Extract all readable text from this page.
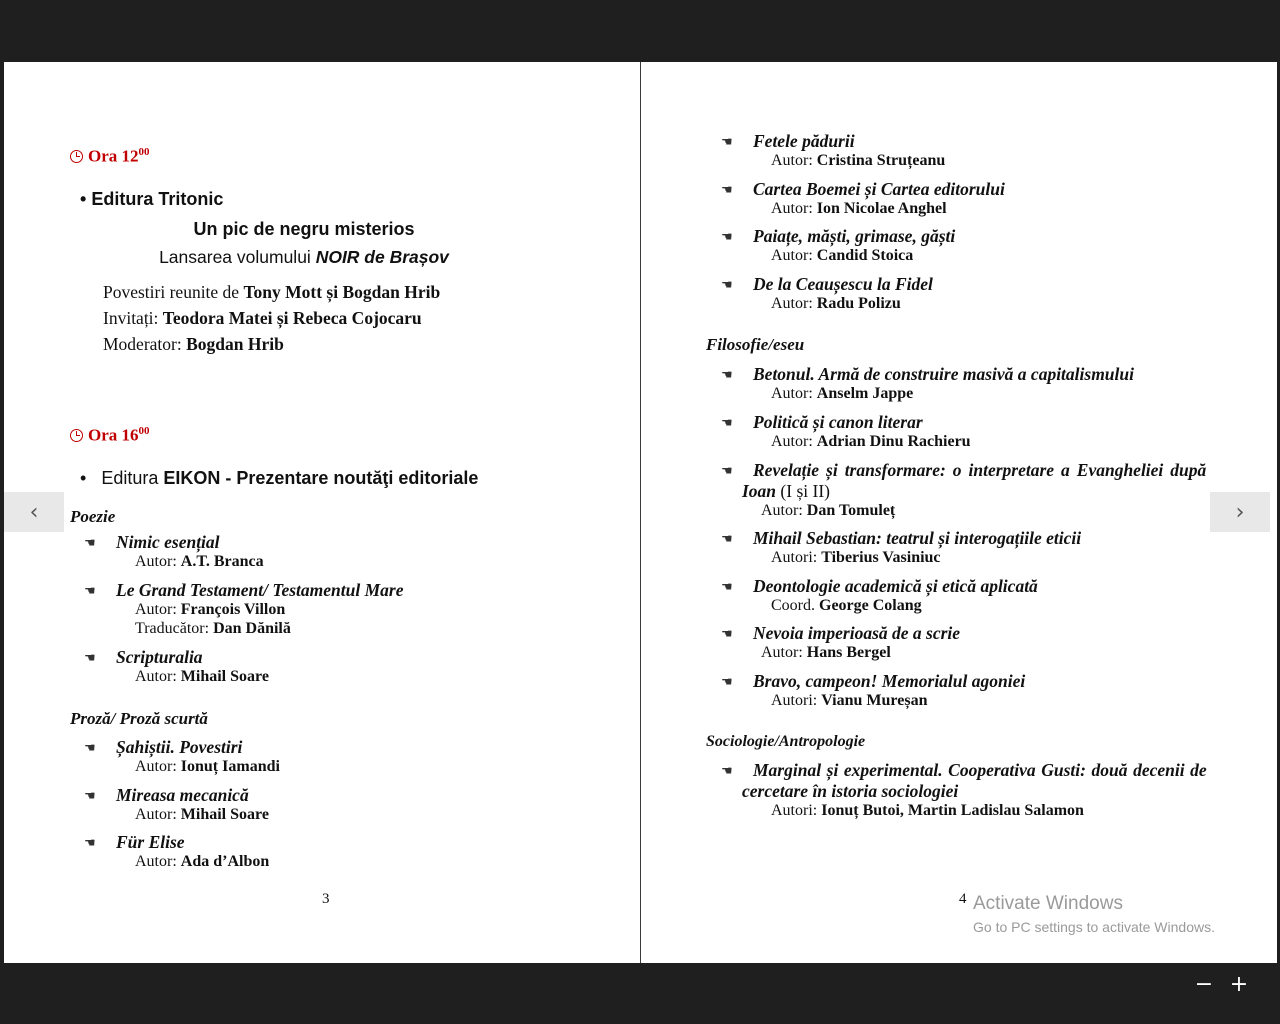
Ora $12^{00}$
• Editura Tritonic
Un pic de negru misterios
Lansarea volumului NOIR de Brașov
Povestiri reunite de Tony Mott și Bogdan Hrib
Invitați: Teodora Matei și Rebeca Cojocaru
Moderator: Bogdan Hrib
Ora $16^{00}$
• Editura EIKON - Prezentare noutăţi editoriale
Poezie
☚ Nimic esențial
Autor: A.T. Branca
☚ Le Grand Testament/ Testamentul Mare
Autor: François Villon
Traducător: Dan Dănilă
☚ Scripturalia
Autor: Mihail Soare
Proză/ Proză scurtă
☚ Șahiștii. Povestiri
Autor: Ionuț Iamandi
☚ Mireasa mecanică
Autor: Mihail Soare
☚ Für Elise
Autor: Ada d’Albon
3
☚ Fetele pădurii
Autor: Cristina Struțeanu
☚ Cartea Boemei și Cartea editorului
Autor: Ion Nicolae Anghel
☚ Paiațe, măști, grimase, găști
Autor: Candid Stoica
☚ De la Ceaușescu la Fidel
Autor: Radu Polizu
Filosofie/eseu
☚ Betonul. Armă de construire masivă a capitalismului
Autor: Anselm Jappe
☚ Politică și canon literar
Autor: Adrian Dinu Rachieru
☚ Revelație și transformare: o interpretare a Evangheliei după
Ioan (I și II)
Autor: Dan Tomuleț
☚ Mihail Sebastian: teatrul și interogațiile eticii
Autori: Tiberius Vasiniuc
☚ Deontologie academică și etică aplicată
Coord. George Colang
☚ Nevoia imperioasă de a scrie
Autor: Hans Bergel
☚ Bravo, campeon! Memorialul agoniei
Autori: Vianu Mureșan
Sociologie/Antropologie
☚ Marginal și experimental. Cooperativa Gusti: două decenii de
cercetare în istoria sociologiei
Autori: Ionuț Butoi, Martin Ladislau Salamon
4
‹	›
Activate Windows
Go to PC settings to activate Windows.
− +
